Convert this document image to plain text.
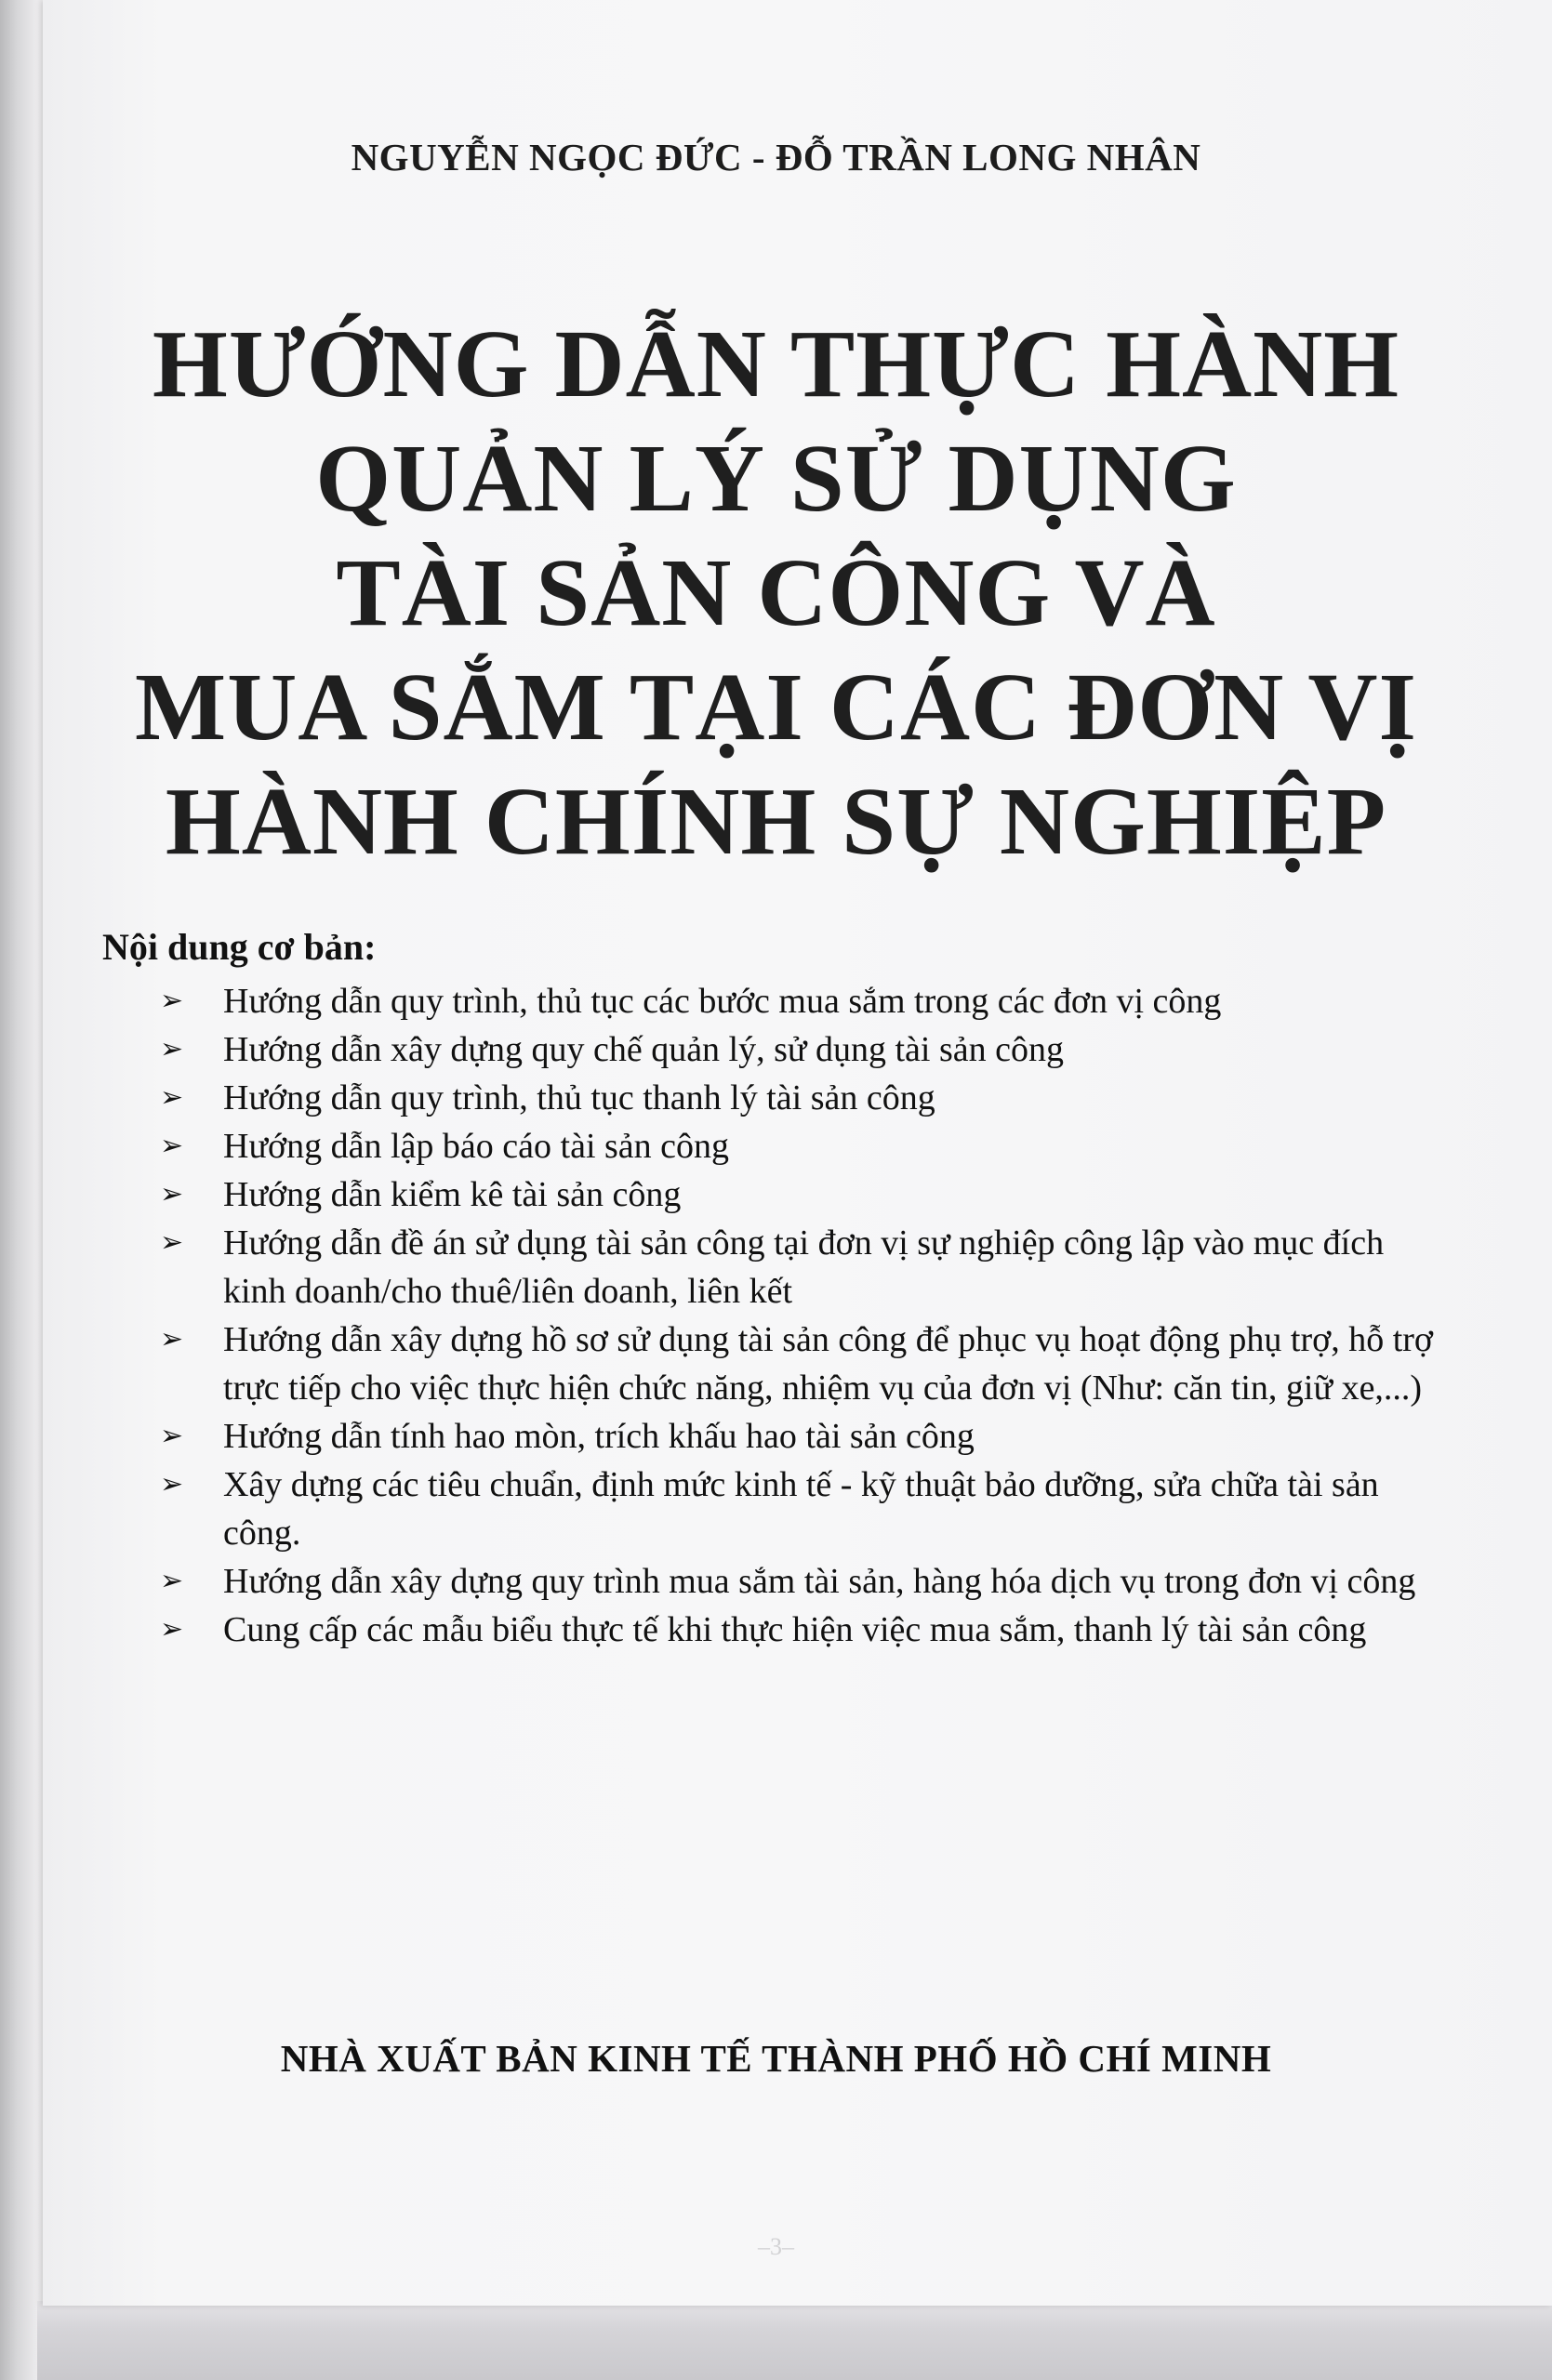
NGUYỄN NGỌC ĐỨC - ĐỖ TRẦN LONG NHÂN
HƯỚNG DẪN THỰC HÀNH
QUẢN LÝ SỬ DỤNG
TÀI SẢN CÔNG VÀ
MUA SẮM TẠI CÁC ĐƠN VỊ
HÀNH CHÍNH SỰ NGHIỆP
Nội dung cơ bản:
➢ Hướng dẫn quy trình, thủ tục các bước mua sắm trong các đơn vị công
➢ Hướng dẫn xây dựng quy chế quản lý, sử dụng tài sản công
➢ Hướng dẫn quy trình, thủ tục thanh lý tài sản công
➢ Hướng dẫn lập báo cáo tài sản công
➢ Hướng dẫn kiểm kê tài sản công
➢ Hướng dẫn đề án sử dụng tài sản công tại đơn vị sự nghiệp công lập vào mục đích kinh doanh/cho thuê/liên doanh, liên kết
➢ Hướng dẫn xây dựng hồ sơ sử dụng tài sản công để phục vụ hoạt động phụ trợ, hỗ trợ trực tiếp cho việc thực hiện chức năng, nhiệm vụ của đơn vị (Như: căn tin, giữ xe,...)
➢ Hướng dẫn tính hao mòn, trích khấu hao tài sản công
➢ Xây dựng các tiêu chuẩn, định mức kinh tế - kỹ thuật bảo dưỡng, sửa chữa tài sản công.
➢ Hướng dẫn xây dựng quy trình mua sắm tài sản, hàng hóa dịch vụ trong đơn vị công
➢ Cung cấp các mẫu biểu thực tế khi thực hiện việc mua sắm, thanh lý tài sản công
NHÀ XUẤT BẢN KINH TẾ THÀNH PHỐ HỒ CHÍ MINH
–3–
